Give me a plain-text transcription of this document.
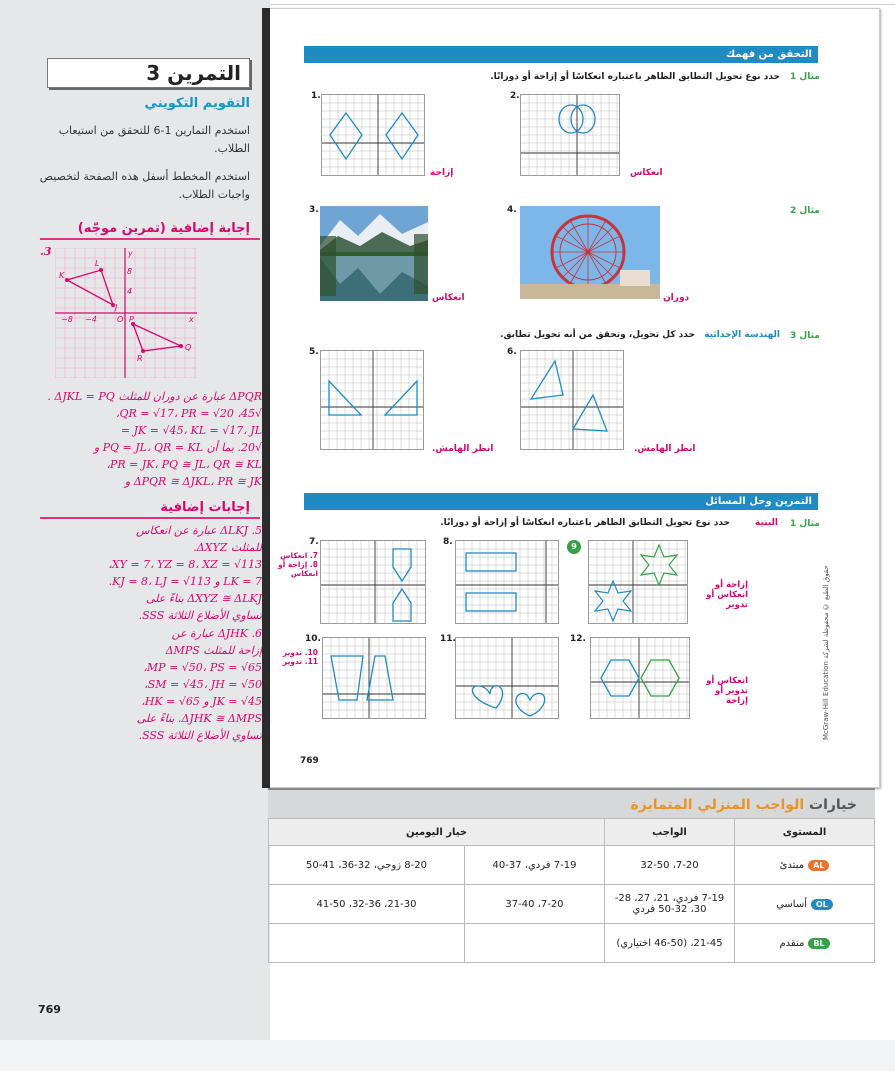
3 التمرين
التقويم التكويني
استخدم التمارين 1-6 للتحقق من استيعاب الطلاب.
استخدم المخطط أسفل هذه الصفحة لتخصيص واجبات الطلاب.
إجابة إضافية (تمرين موجّه)
3.
K
L
J
P
Q
R
y
x
8
4
−4
−8	O
ΔPQR عبارة عن دوران للمثلث ΔJKL = PQ .
√45، QR = √17، PR = √20،
JK = √45، KL = √17، JL =
√20. بما أن PQ = JL، QR = KL و
PR = JK، PQ ≅ JL، QR ≅ KL،
ΔPQR ≅ ΔJKL، PR ≅ JK و
إجابات إضافية
5. ΔLKJ عبارة عن انعكاس
للمثلث ΔXYZ.
XY = 7، YZ = 8، XZ = √113،
LK = 7 و KJ = 8، LJ = √113.
ΔXYZ ≅ ΔLKJ بناءً على
تساوي الأضلاع الثلاثة SSS.
6. ΔJHK عبارة عن
إزاحة للمثلث ΔMPS
MP = √50، PS = √65،
SM = √45، JH = √50،
JK = √45 و HK = √65،
ΔJHK ≅ ΔMPS. بناءً على
تساوي الأضلاع الثلاثة SSS.
769
التحقق من فهمك
مثال 1
حدد نوع تحويل التطابق الظاهر باعتباره انعكاسًا أو إزاحة أو دورانًا.
1.
إزاحة
2.
انعكاس
مثال 2
3.
انعكاس
4.
دوران
مثال 3
الهندسة الإحداثية
حدد كل تحويل، وتحقق من أنه تحويل تطابق.
5.
انظر الهامش.
6.
انظر الهامش.
التمرين وحل المسائل
مثال 1
البنية
حدد نوع تحويل التطابق الظاهر باعتباره انعكاسًا أو إزاحة أو دورانًا.
7.
7. انعكاس
8. إزاحة أو انعكاس
8.	9
إزاحة أو انعكاس أو تدوير
10.
10. تدوير
11. تدوير
11.	12.
انعكاس أو تدوير أو إزاحة	McGraw-Hill Education حقوق الطبع © محفوظة لشركة
769
خيارات الواجب المنزلي المتمايزة
المستوى	الواجب	خيار اليومين	
ALمبتدئ	7-20، 32-50	7-19 فردي، 37-40	8-20 زوجي، 32-36، 41-50
OLأساسي	7-19 فردي، 21، 27، 28-30، 32-50 فردي	7-20، 37-40	21-30، 32-36، 41-50
BLمتقدم	21-45، (46-50 اختياري)		
